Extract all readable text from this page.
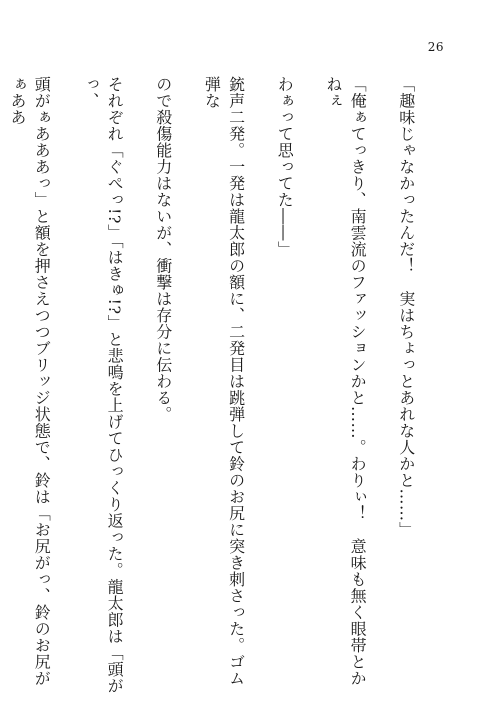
26

「趣味じゃなかったんだ！　実はちょっとあれな人かと……」

「俺ぁてっきり、南雲流のファッションかと……。わりぃ！　意味も無く眼帯とかねぇ

わぁって思ってた――」

銃声二発。一発は龍太郎の額に、二発目は跳弾して鈴のお尻に突き刺さった。ゴム弾な

ので殺傷能力はないが、衝撃は存分に伝わる。

それぞれ「ぐぺっ!?」「はきゅ!?」と悲鳴を上げてひっくり返った。龍太郎は「頭がっ、

頭がぁあああっ」と額を押さえつつブリッジ状態で、鈴は「お尻がっ、鈴のお尻がぁああ
